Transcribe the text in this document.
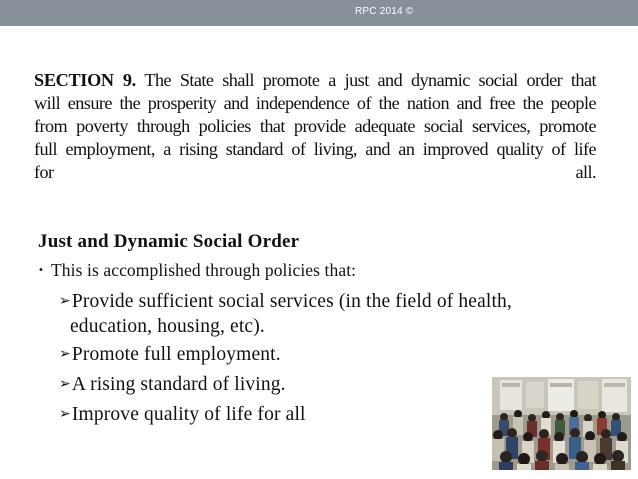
RPC 2014 ©
SECTION 9. The State shall promote a just and dynamic social order that
will ensure the prosperity and independence of the nation and free the people
from poverty through policies that provide adequate social services, promote
full employment, a rising standard of living, and an improved quality of life
for	all.
Just and Dynamic Social Order
• This is accomplished through policies that:
➢Provide sufficient social services (in the field of health,
education, housing, etc).
➢Promote full employment.
➢A rising standard of living.
➢Improve quality of life for all
